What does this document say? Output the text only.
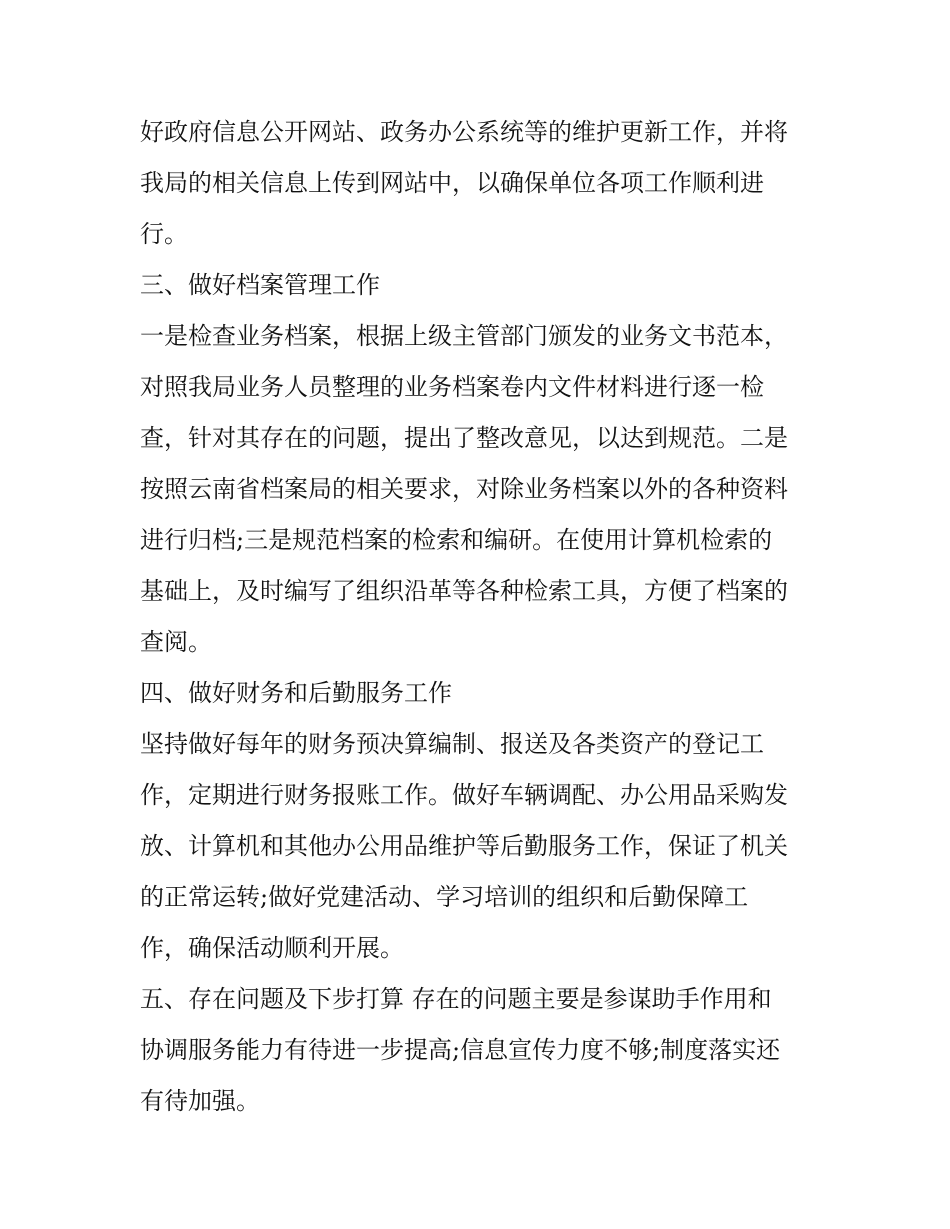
好政府信息公开网站、政务办公系统等的维护更新工作，并将
我局的相关信息上传到网站中，以确保单位各项工作顺利进
行。
三、做好档案管理工作
一是检查业务档案，根据上级主管部门颁发的业务文书范本，
对照我局业务人员整理的业务档案卷内文件材料进行逐一检
查，针对其存在的问题，提出了整改意见，以达到规范。二是
按照云南省档案局的相关要求，对除业务档案以外的各种资料
进行归档;三是规范档案的检索和编研。在使用计算机检索的
基础上，及时编写了组织沿革等各种检索工具，方便了档案的
查阅。
四、做好财务和后勤服务工作
坚持做好每年的财务预决算编制、报送及各类资产的登记工
作，定期进行财务报账工作。做好车辆调配、办公用品采购发
放、计算机和其他办公用品维护等后勤服务工作，保证了机关
的正常运转;做好党建活动、学习培训的组织和后勤保障工
作，确保活动顺利开展。
五、存在问题及下步打算 存在的问题主要是参谋助手作用和
协调服务能力有待进一步提高;信息宣传力度不够;制度落实还
有待加强。
